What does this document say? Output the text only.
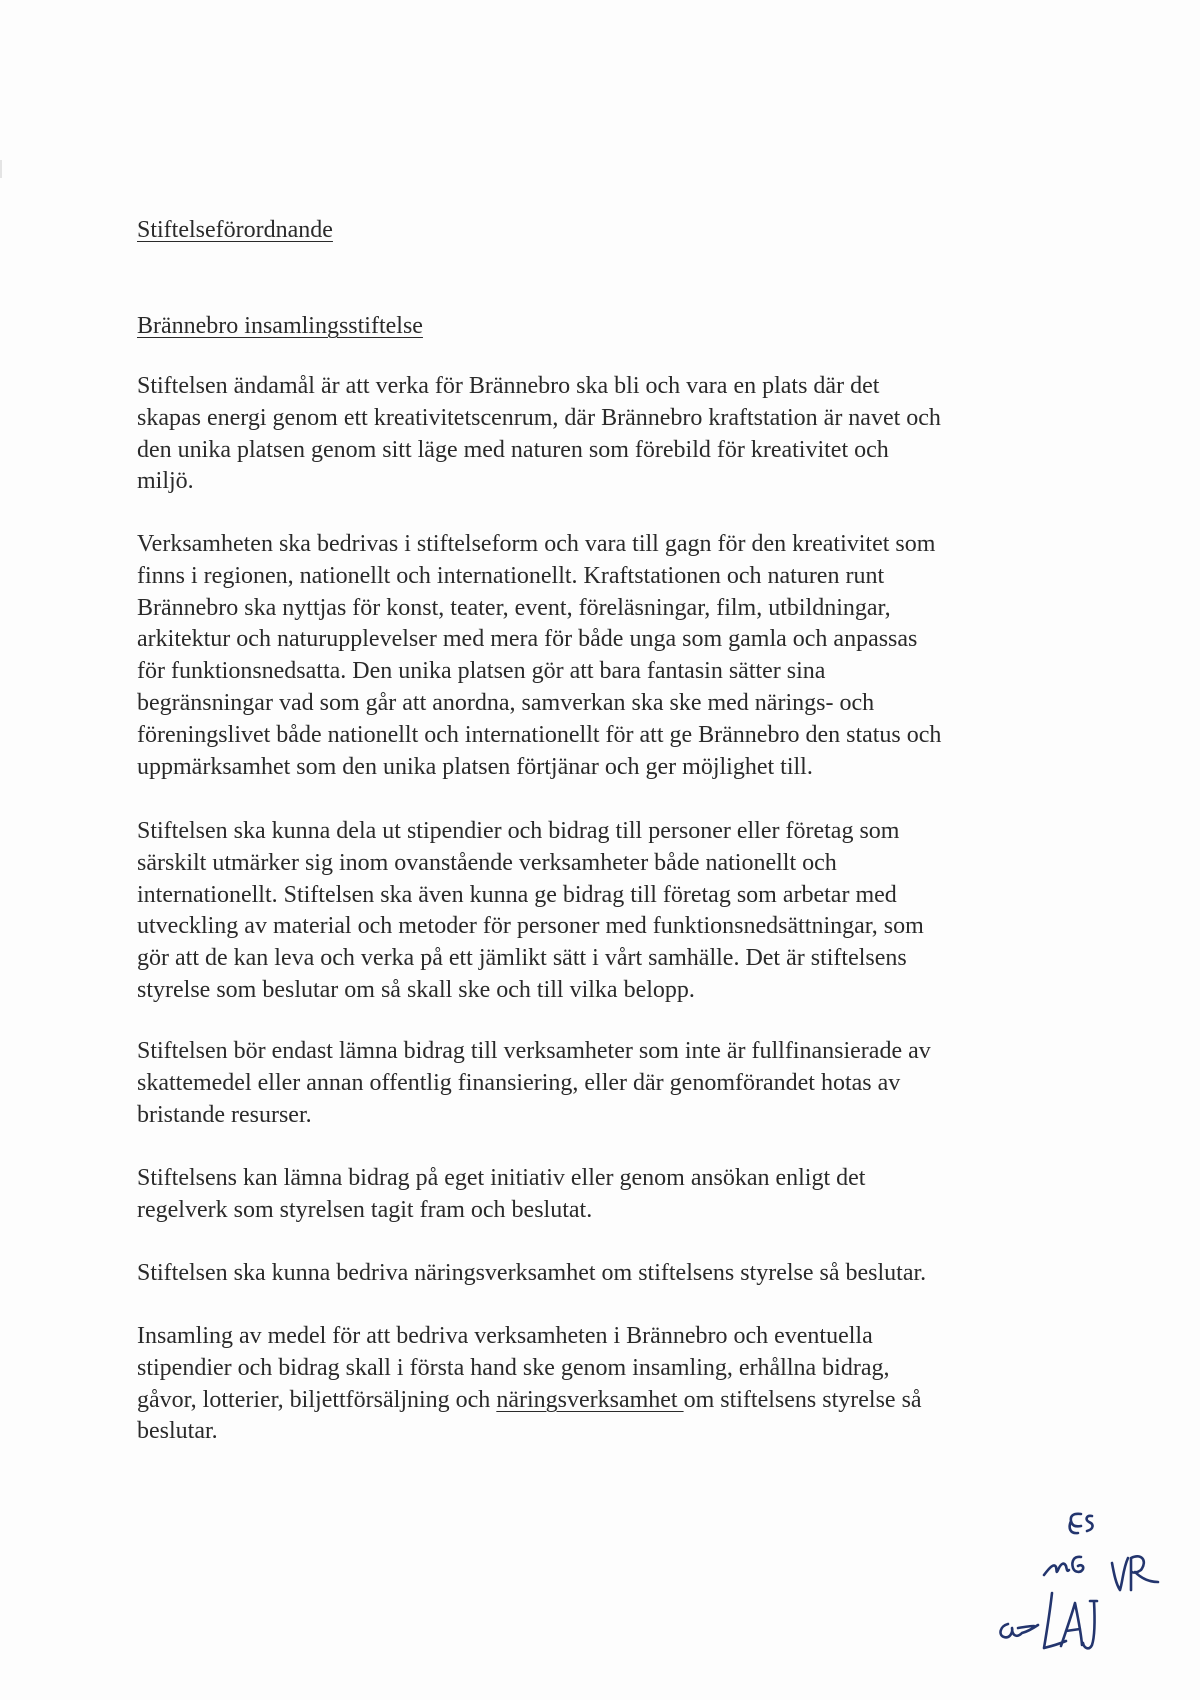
Stiftelseförordnande

Brännebro insamlingsstiftelse

Stiftelsen ändamål är att verka för Brännebro ska bli och vara en plats där det
skapas energi genom ett kreativitetscenrum, där Brännebro kraftstation är navet och
den unika platsen genom sitt läge med naturen som förebild för kreativitet och
miljö.

Verksamheten ska bedrivas i stiftelseform och vara till gagn för den kreativitet som
finns i regionen, nationellt och internationellt. Kraftstationen och naturen runt
Brännebro ska nyttjas för konst, teater, event, föreläsningar, film, utbildningar,
arkitektur och naturupplevelser med mera för både unga som gamla och anpassas
för funktionsnedsatta. Den unika platsen gör att bara fantasin sätter sina
begränsningar vad som går att anordna, samverkan ska ske med närings- och
föreningslivet både nationellt och internationellt för att ge Brännebro den status och
uppmärksamhet som den unika platsen förtjänar och ger möjlighet till.

Stiftelsen ska kunna dela ut stipendier och bidrag till personer eller företag som
särskilt utmärker sig inom ovanstående verksamheter både nationellt och
internationellt. Stiftelsen ska även kunna ge bidrag till företag som arbetar med
utveckling av material och metoder för personer med funktionsnedsättningar, som
gör att de kan leva och verka på ett jämlikt sätt i vårt samhälle. Det är stiftelsens
styrelse som beslutar om så skall ske och till vilka belopp.

Stiftelsen bör endast lämna bidrag till verksamheter som inte är fullfinansierade av
skattemedel eller annan offentlig finansiering, eller där genomförandet hotas av
bristande resurser.

Stiftelsens kan lämna bidrag på eget initiativ eller genom ansökan enligt det
regelverk som styrelsen tagit fram och beslutat.

Stiftelsen ska kunna bedriva näringsverksamhet om stiftelsens styrelse så beslutar.

Insamling av medel för att bedriva verksamheten i Brännebro och eventuella
stipendier och bidrag skall i första hand ske genom insamling, erhållna bidrag,
gåvor, lotterier, biljettförsäljning och näringsverksamhet om stiftelsens styrelse så
beslutar.
